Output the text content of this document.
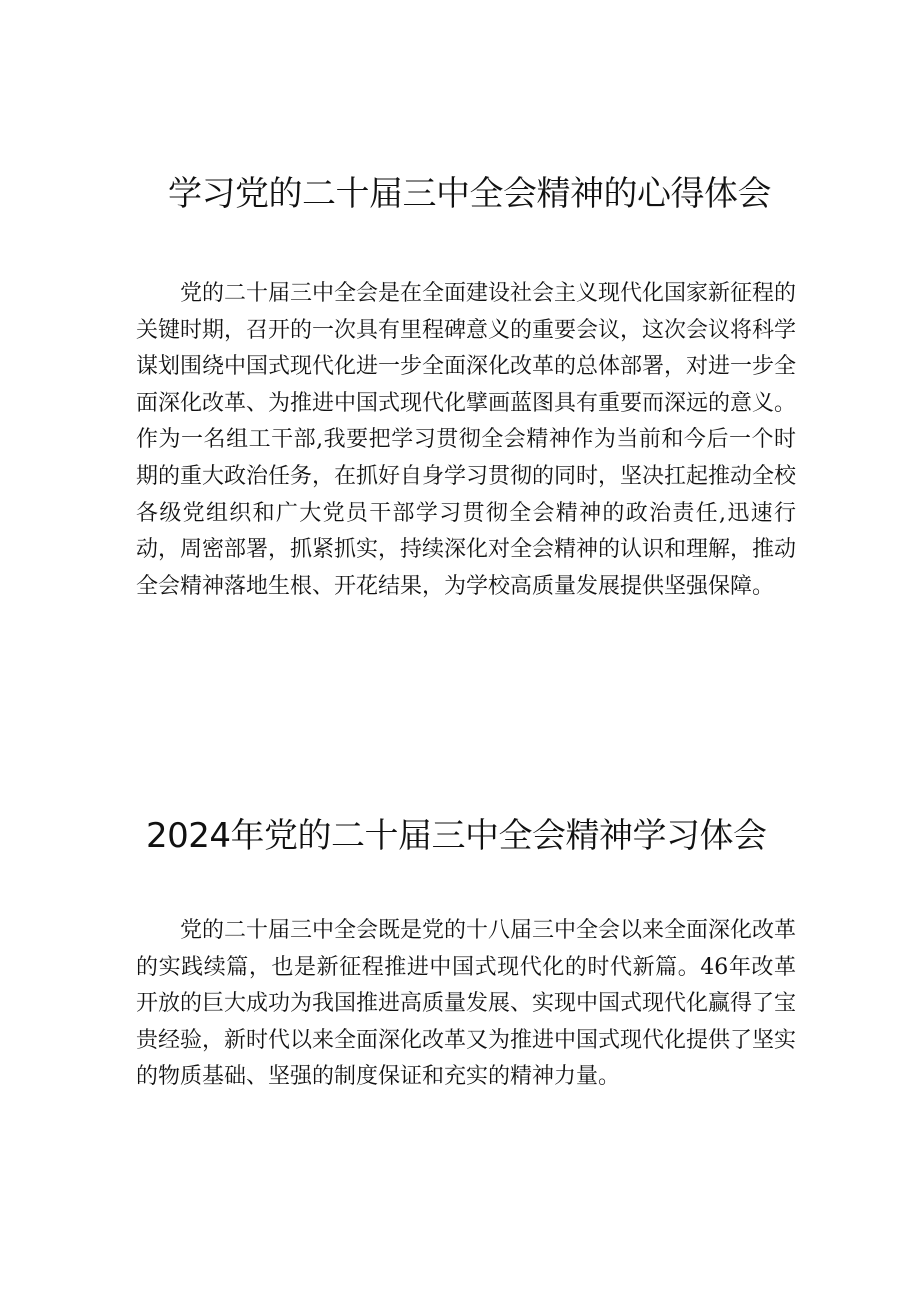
学习党的二十届三中全会精神的心得体会

党的二十届三中全会是在全面建设社会主义现代化国家新征程的关键时期，召开的一次具有里程碑意义的重要会议，这次会议将科学谋划围绕中国式现代化进一步全面深化改革的总体部署，对进一步全面深化改革、为推进中国式现代化擘画蓝图具有重要而深远的意义。作为一名组工干部,我要把学习贯彻全会精神作为当前和今后一个时期的重大政治任务，在抓好自身学习贯彻的同时，坚决扛起推动全校各级党组织和广大党员干部学习贯彻全会精神的政治责任,迅速行动，周密部署，抓紧抓实，持续深化对全会精神的认识和理解，推动全会精神落地生根、开花结果，为学校高质量发展提供坚强保障。

2024年党的二十届三中全会精神学习体会

党的二十届三中全会既是党的十八届三中全会以来全面深化改革的实践续篇，也是新征程推进中国式现代化的时代新篇。46年改革开放的巨大成功为我国推进高质量发展、实现中国式现代化赢得了宝贵经验，新时代以来全面深化改革又为推进中国式现代化提供了坚实的物质基础、坚强的制度保证和充实的精神力量。
